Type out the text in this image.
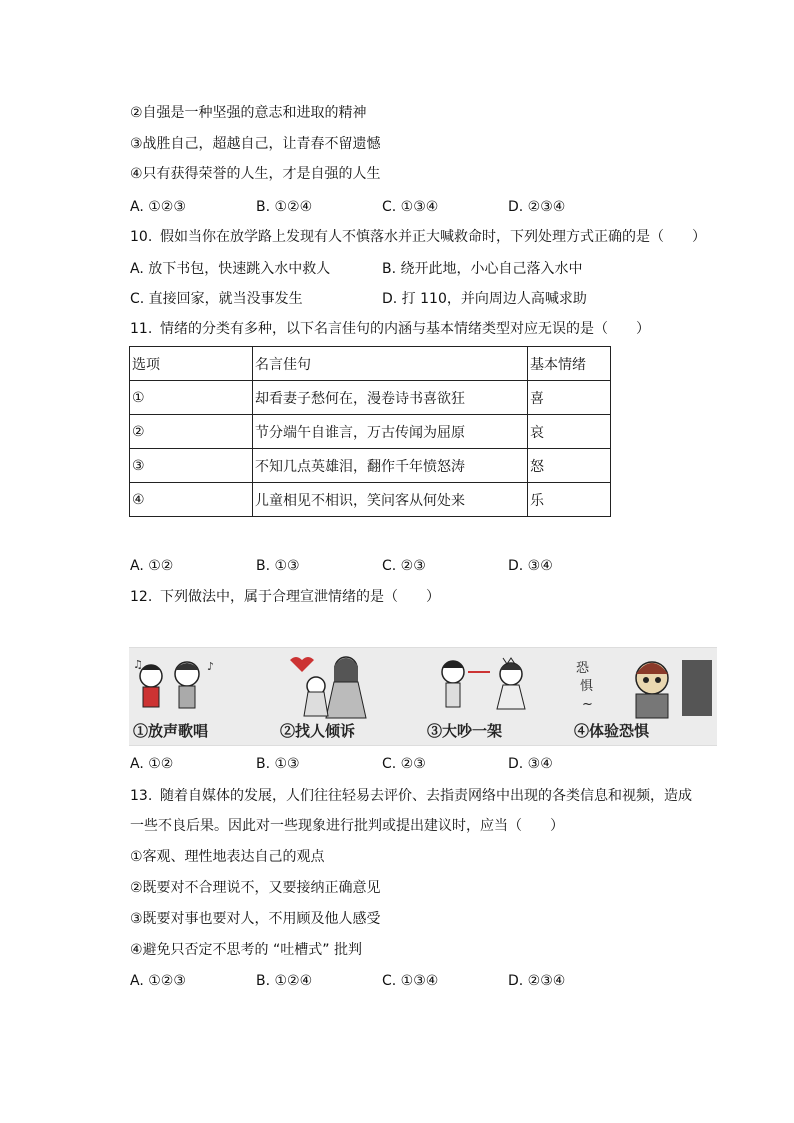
②自强是一种坚强的意志和进取的精神
③战胜自己，超越自己，让青春不留遗憾
④只有获得荣誉的人生，才是自强的人生
A. ①②③	B. ①②④	C. ①③④	D. ②③④
10. 假如当你在放学路上发现有人不慎落水并正大喊救命时，下列处理方式正确的是（　　）
A. 放下书包，快速跳入水中救人	B. 绕开此地，小心自己落入水中
C. 直接回家，就当没事发生	D. 打 110，并向周边人高喊求助
11. 情绪的分类有多种，以下名言佳句的内涵与基本情绪类型对应无误的是（　　）
选项	名言佳句	基本情绪
①	却看妻子愁何在，漫卷诗书喜欲狂	喜
②	节分端午自谁言，万古传闻为屈原	哀
③	不知几点英雄泪，翻作千年愤怒涛	怒
④	儿童相见不相识，笑问客从何处来	乐
A. ①②	B. ①③	C. ②③	D. ③④
12. 下列做法中，属于合理宣泄情绪的是（　　）
♪
♫
①放声歌唱	②找人倾诉	③大吵一架
恐
惧
~
④体验恐惧
A. ①②	B. ①③	C. ②③	D. ③④
13. 随着自媒体的发展，人们往往轻易去评价、去指责网络中出现的各类信息和视频，造成
一些不良后果。因此对一些现象进行批判或提出建议时，应当（　　）
①客观、理性地表达自己的观点
②既要对不合理说不，又要接纳正确意见
③既要对事也要对人，不用顾及他人感受
④避免只否定不思考的 “吐槽式” 批判
A. ①②③	B. ①②④	C. ①③④	D. ②③④
